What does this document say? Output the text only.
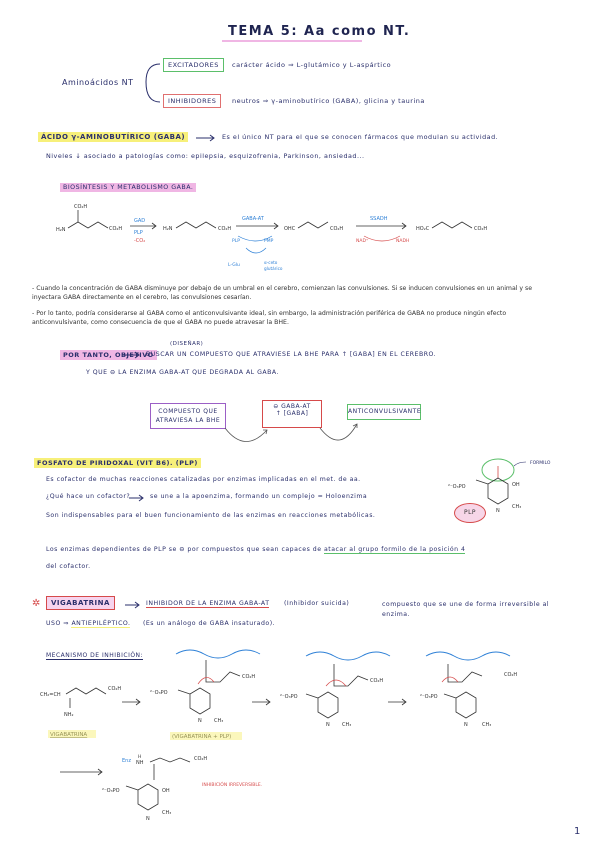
TEMA 5: Aa como NT.
Aminoácidos NT
EXCITADORES	carácter ácido ⇒ L-glutámico y L-aspártico
INHIBIDORES	neutros ⇒ γ-aminobutírico (GABA), glicina y taurina
ÁCIDO γ-AMINOBUTÍRICO (GABA)	Es el único NT para el que se conocen fármacos que modulan su actividad.
Niveles ↓ asociado a patologías como: epilepsia, esquizofrenia, Parkinson, ansiedad...
BIOSÍNTESIS Y METABOLISMO GABA.
CO₂H
H₂N	CO₂H
GAD
PLP
-CO₂
H₂N	CO₂H
GABA-AT
PLP	PMP
L-Glu
α-ceto
glutárico
OHC	CO₂H
SSADH
NAD⁺	NADH
HO₂C	CO₂H
- Cuando la concentración de GABA disminuye por debajo de un umbral en el cerebro, comienzan las convulsiones. Si se inducen convulsiones en un animal y se inyectara GABA directamente en el cerebro, las convulsiones cesarían.
- Por lo tanto, podría considerarse al GABA como el anticonvulsivante ideal, sin embargo, la administración periférica de GABA no produce ningún efecto anticonvulsivante, como consecuencia de que el GABA no puede atravesar la BHE.
POR TANTO, OBJETIVO
(DISEÑAR)
BUSCAR UN COMPUESTO QUE ATRAVIESE LA BHE PARA ↑ [GABA] EN EL CEREBRO.
Y QUE ⊖ LA ENZIMA GABA-AT QUE DEGRADA AL GABA.
COMPUESTO QUE ATRAVIESA LA BHE
⊖ GABA-AT
↑ [GABA]	ANTICONVULSIVANTE
FOSFATO DE PIRIDOXAL (VIT B6). (PLP)
Es cofactor de muchas reacciones catalizadas por enzimas implicadas en el met. de aa.
¿Qué hace un cofactor?	se une a la apoenzima, formando un complejo = Holoenzima
Son indispensables para el buen funcionamiento de las enzimas en reacciones metabólicas.
Los enzimas dependientes de PLP se ⊖ por compuestos que sean capaces de atacar al grupo formilo de la posición 4
del cofactor.
FORMILO
²⁻O₃PO	OH
CH₃
N
PLP
VIGABATRINA
✲	INHIBIDOR DE LA ENZIMA GABA-AT (Inhibidor suicida)	compuesto que se une de forma irreversible al enzima.
USO ⇒ ANTIEPILÉPTICO. (Es un análogo de GABA insaturado).
MECANISMO DE INHIBICIÓN:
CH₂=CH
NH₂
CO₂H
CO₂H
²⁻O₃PO
CH₃
N
CO₂H
²⁻O₃PO
CH₃
N
CO₂H
²⁻O₃PO
CH₃
N
Enz
H
NH
CO₂H
²⁻O₃PO	OH
CH₃
N
INHIBICIÓN IRREVERSIBLE.
1
